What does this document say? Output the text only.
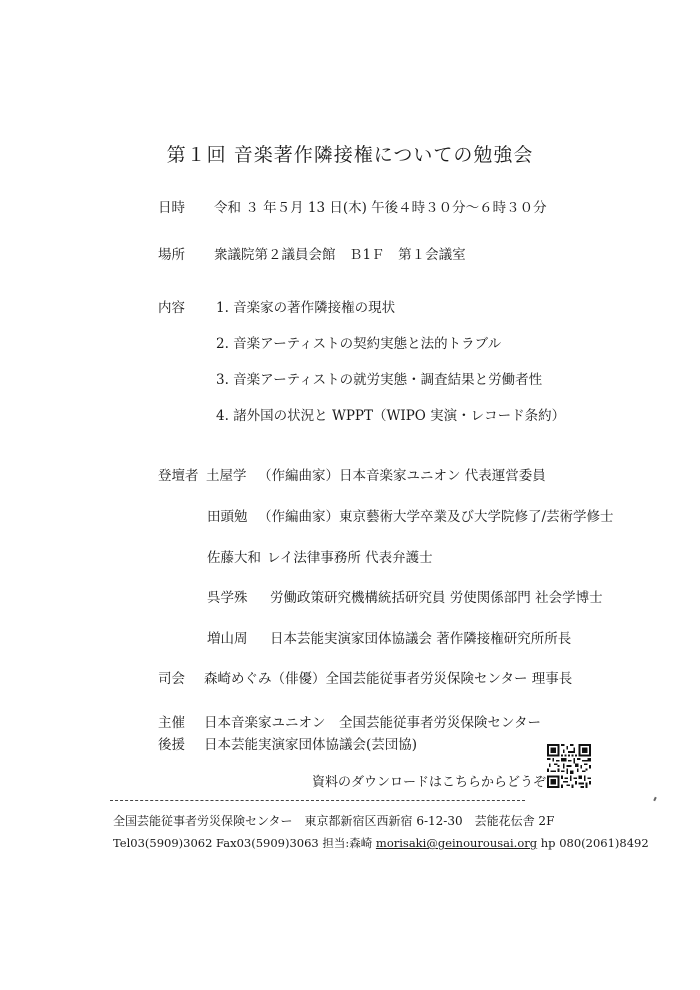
第１回 音楽著作隣接権についての勉強会
日時 令和 ３ 年５月 13 日(木) 午後４時３０分～６時３０分
場所 衆議院第２議員会館　Ｂ1Ｆ　第１会議室
内容 1. 音楽家の著作隣接権の現状
2. 音楽アーティストの契約実態と法的トラブル
3. 音楽アーティストの就労実態・調査結果と労働者性
4. 諸外国の状況と WPPT（WIPO 実演・レコード条約）
登壇者 土屋学 （作編曲家）日本音楽家ユニオン 代表運営委員
田頭勉 （作編曲家）東京藝術大学卒業及び大学院修了/芸術学修士
佐藤大和 レイ法律事務所 代表弁護士
呉学殊 労働政策研究機構統括研究員 労使関係部門 社会学博士
増山周 日本芸能実演家団体協議会 著作隣接権研究所所長
司会 森崎めぐみ（俳優）全国芸能従事者労災保険センター 理事長
主催 日本音楽家ユニオン　全国芸能従事者労災保険センター
後援 日本芸能実演家団体協議会(芸団協)
資料のダウンロードはこちらからどうぞ
全国芸能従事者労災保険センター　東京都新宿区西新宿 6-12-30　芸能花伝舎 2F
Tel03(5909)3062 Fax03(5909)3063 担当:森崎 morisaki@geinourousai.org hp 080(2061)8492
